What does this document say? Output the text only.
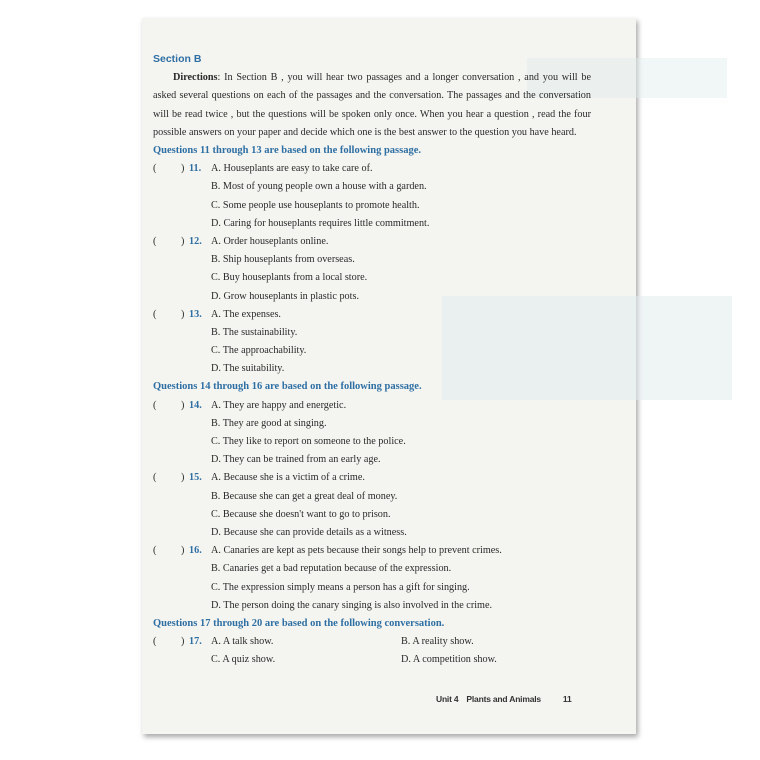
Section B
Directions: In Section B , you will hear two passages and a longer conversation , and you will be asked several questions on each of the passages and the conversation. The passages and the conversation will be read twice , but the questions will be spoken only once. When you hear a question , read the four possible answers on your paper and decide which one is the best answer to the question you have heard.
Questions 11 through 13 are based on the following passage.
( ) 11. A. Houseplants are easy to take care of.
B. Most of young people own a house with a garden.
C. Some people use houseplants to promote health.
D. Caring for houseplants requires little commitment.
( ) 12. A. Order houseplants online.
B. Ship houseplants from overseas.
C. Buy houseplants from a local store.
D. Grow houseplants in plastic pots.
( ) 13. A. The expenses.
B. The sustainability.
C. The approachability.
D. The suitability.
Questions 14 through 16 are based on the following passage.
( ) 14. A. They are happy and energetic.
B. They are good at singing.
C. They like to report on someone to the police.
D. They can be trained from an early age.
( ) 15. A. Because she is a victim of a crime.
B. Because she can get a great deal of money.
C. Because she doesn't want to go to prison.
D. Because she can provide details as a witness.
( ) 16. A. Canaries are kept as pets because their songs help to prevent crimes.
B. Canaries get a bad reputation because of the expression.
C. The expression simply means a person has a gift for singing.
D. The person doing the canary singing is also involved in the crime.
Questions 17 through 20 are based on the following conversation.
( ) 17. A. A talk show.	B. A reality show.
C. A quiz show.	D. A competition show.
Unit 4 Plants and Animals	11
